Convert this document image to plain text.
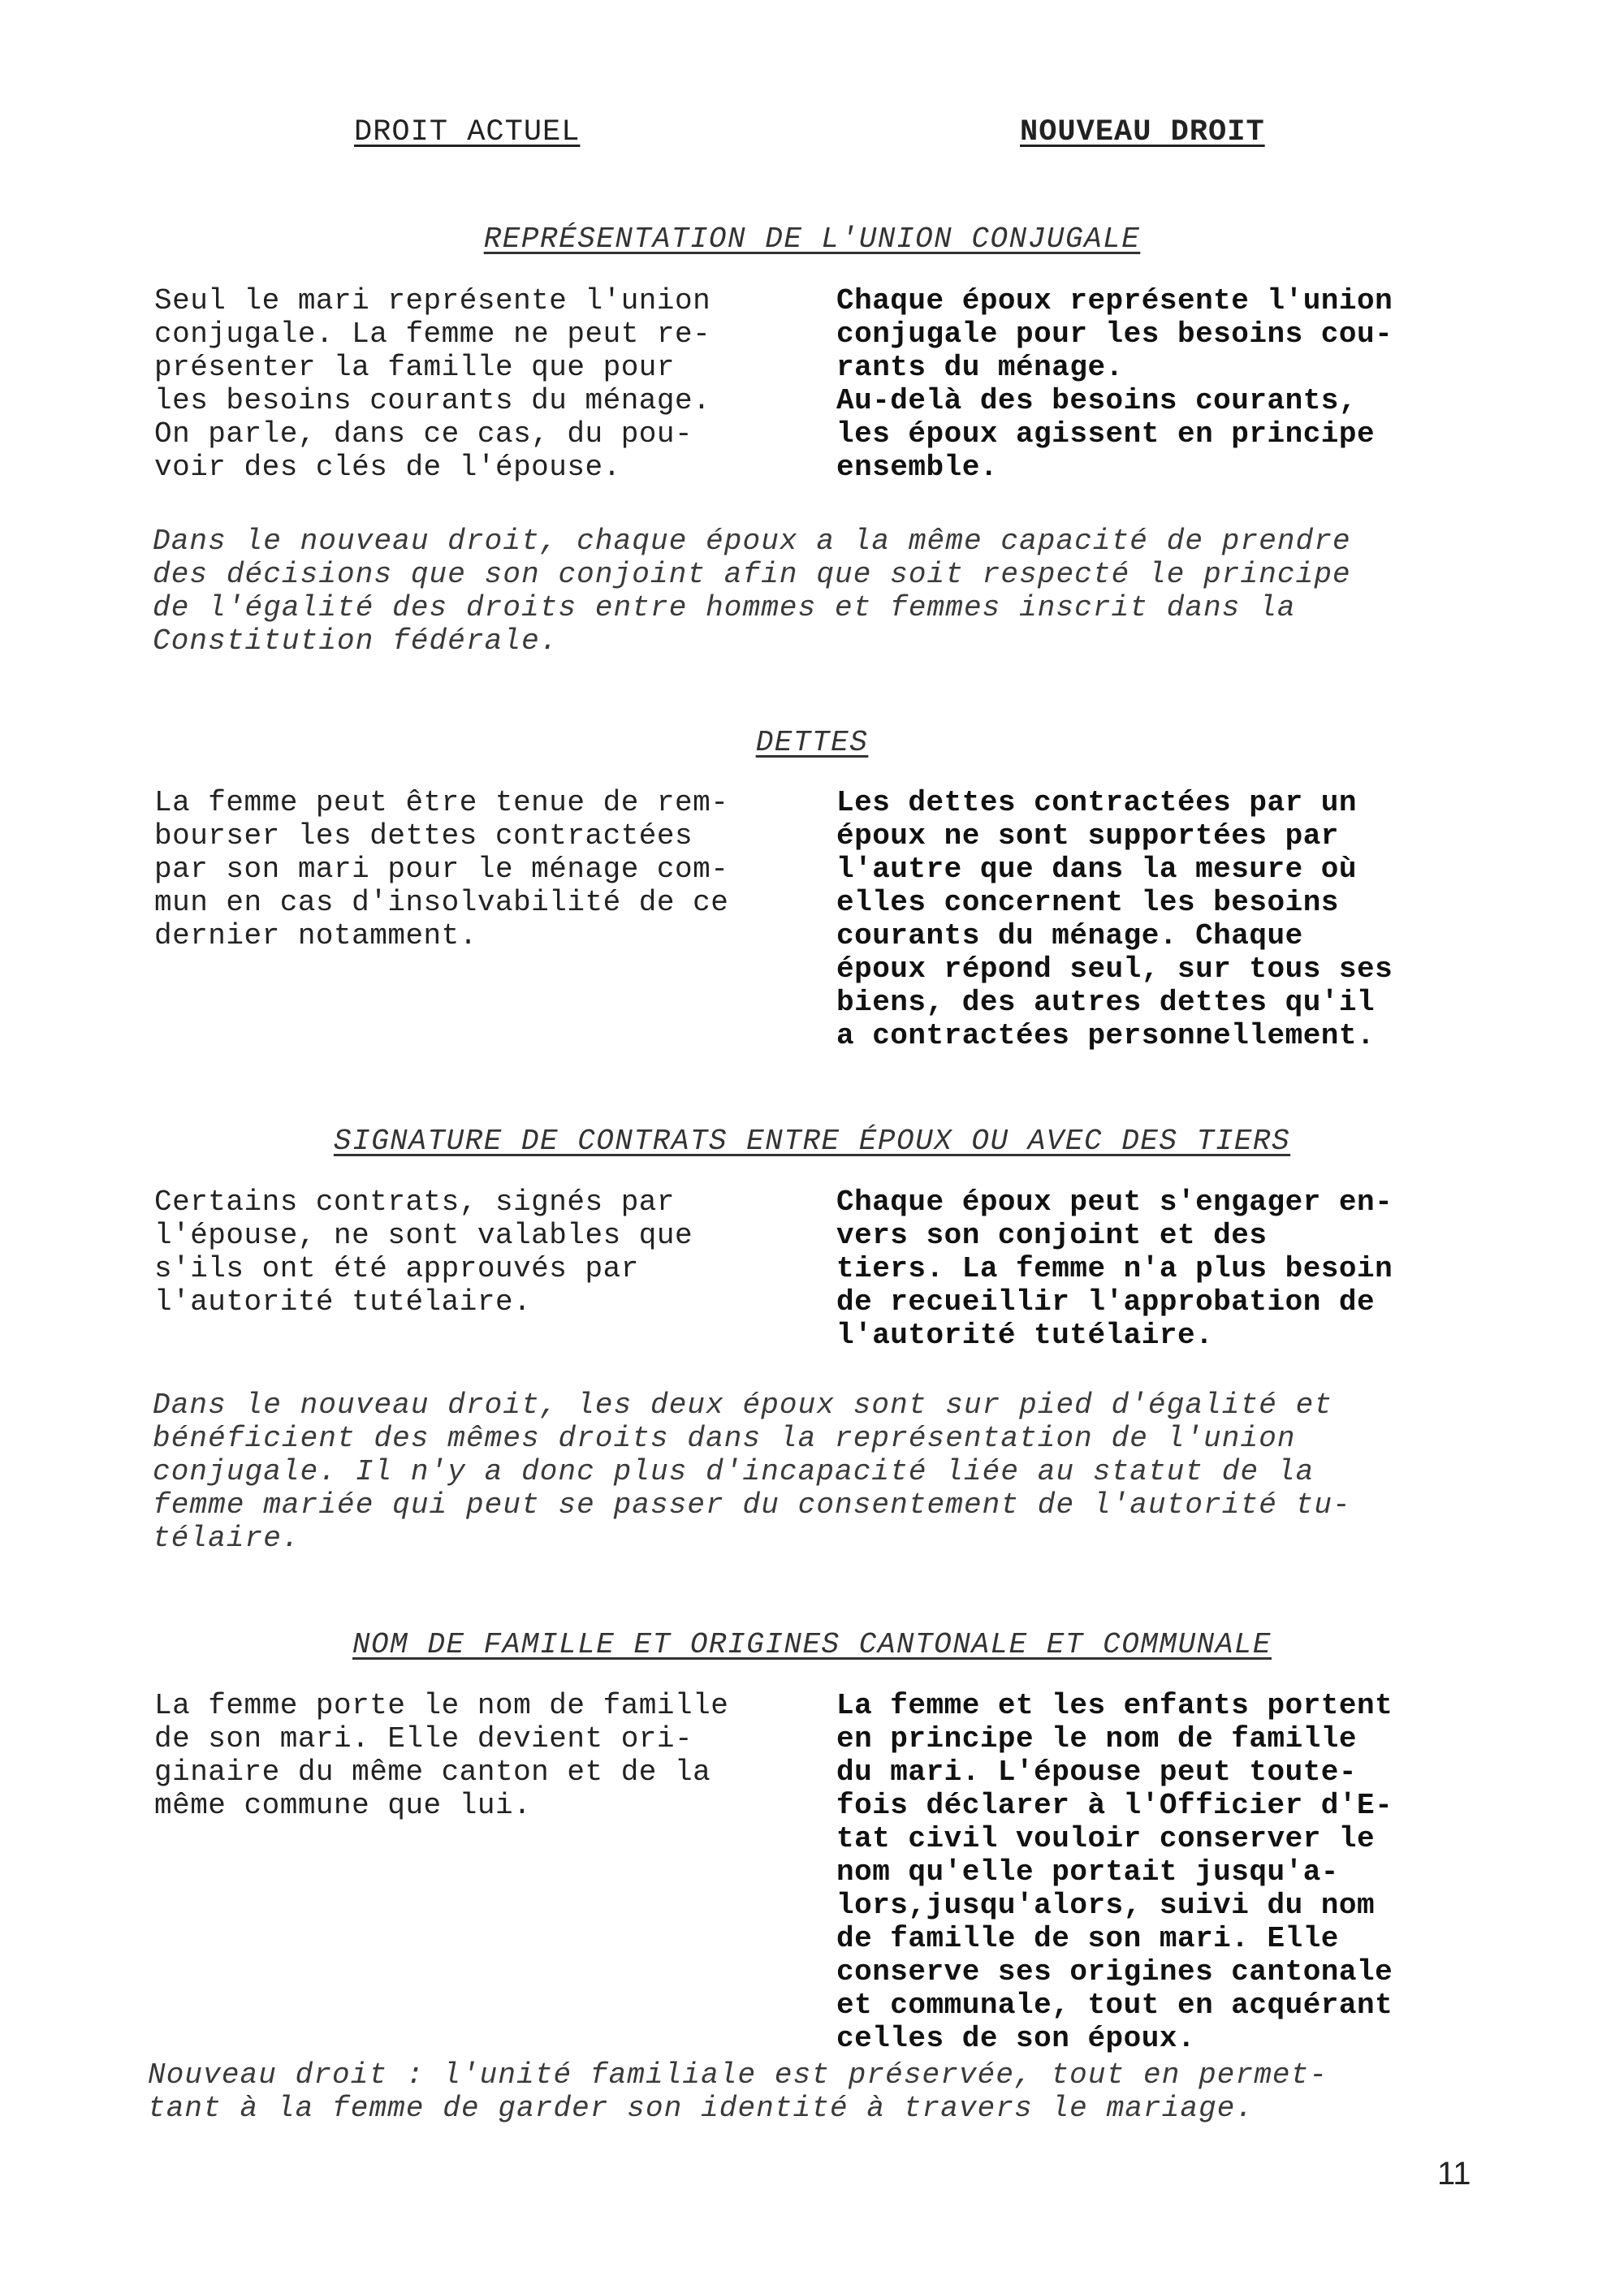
DROIT ACTUEL	NOUVEAU DROIT
REPRÉSENTATION DE L'UNION CONJUGALE
Seul le mari représente l'union
conjugale. La femme ne peut re-
présenter la famille que pour
les besoins courants du ménage.
On parle, dans ce cas, du pou-
voir des clés de l'épouse.
Chaque époux représente l'union
conjugale pour les besoins cou-
rants du ménage.
Au-delà des besoins courants,
les époux agissent en principe
ensemble.
Dans le nouveau droit, chaque époux a la même capacité de prendre
des décisions que son conjoint afin que soit respecté le principe
de l'égalité des droits entre hommes et femmes inscrit dans la
Constitution fédérale.
DETTES
La femme peut être tenue de rem-
bourser les dettes contractées
par son mari pour le ménage com-
mun en cas d'insolvabilité de ce
dernier notamment.
Les dettes contractées par un
époux ne sont supportées par
l'autre que dans la mesure où
elles concernent les besoins
courants du ménage. Chaque
époux répond seul, sur tous ses
biens, des autres dettes qu'il
a contractées personnellement.
SIGNATURE DE CONTRATS ENTRE ÉPOUX OU AVEC DES TIERS
Certains contrats, signés par
l'épouse, ne sont valables que
s'ils ont été approuvés par
l'autorité tutélaire.
Chaque époux peut s'engager en-
vers son conjoint et des
tiers. La femme n'a plus besoin
de recueillir l'approbation de
l'autorité tutélaire.
Dans le nouveau droit, les deux époux sont sur pied d'égalité et
bénéficient des mêmes droits dans la représentation de l'union
conjugale. Il n'y a donc plus d'incapacité liée au statut de la
femme mariée qui peut se passer du consentement de l'autorité tu-
télaire.
NOM DE FAMILLE ET ORIGINES CANTONALE ET COMMUNALE
La femme porte le nom de famille
de son mari. Elle devient ori-
ginaire du même canton et de la
même commune que lui.
La femme et les enfants portent
en principe le nom de famille
du mari. L'épouse peut toute-
fois déclarer à l'Officier d'E-
tat civil vouloir conserver le
nom qu'elle portait jusqu'a-
lors,jusqu'alors, suivi du nom
de famille de son mari. Elle
conserve ses origines cantonale
et communale, tout en acquérant
celles de son époux.
Nouveau droit : l'unité familiale est préservée, tout en permet-
tant à la femme de garder son identité à travers le mariage.
11
